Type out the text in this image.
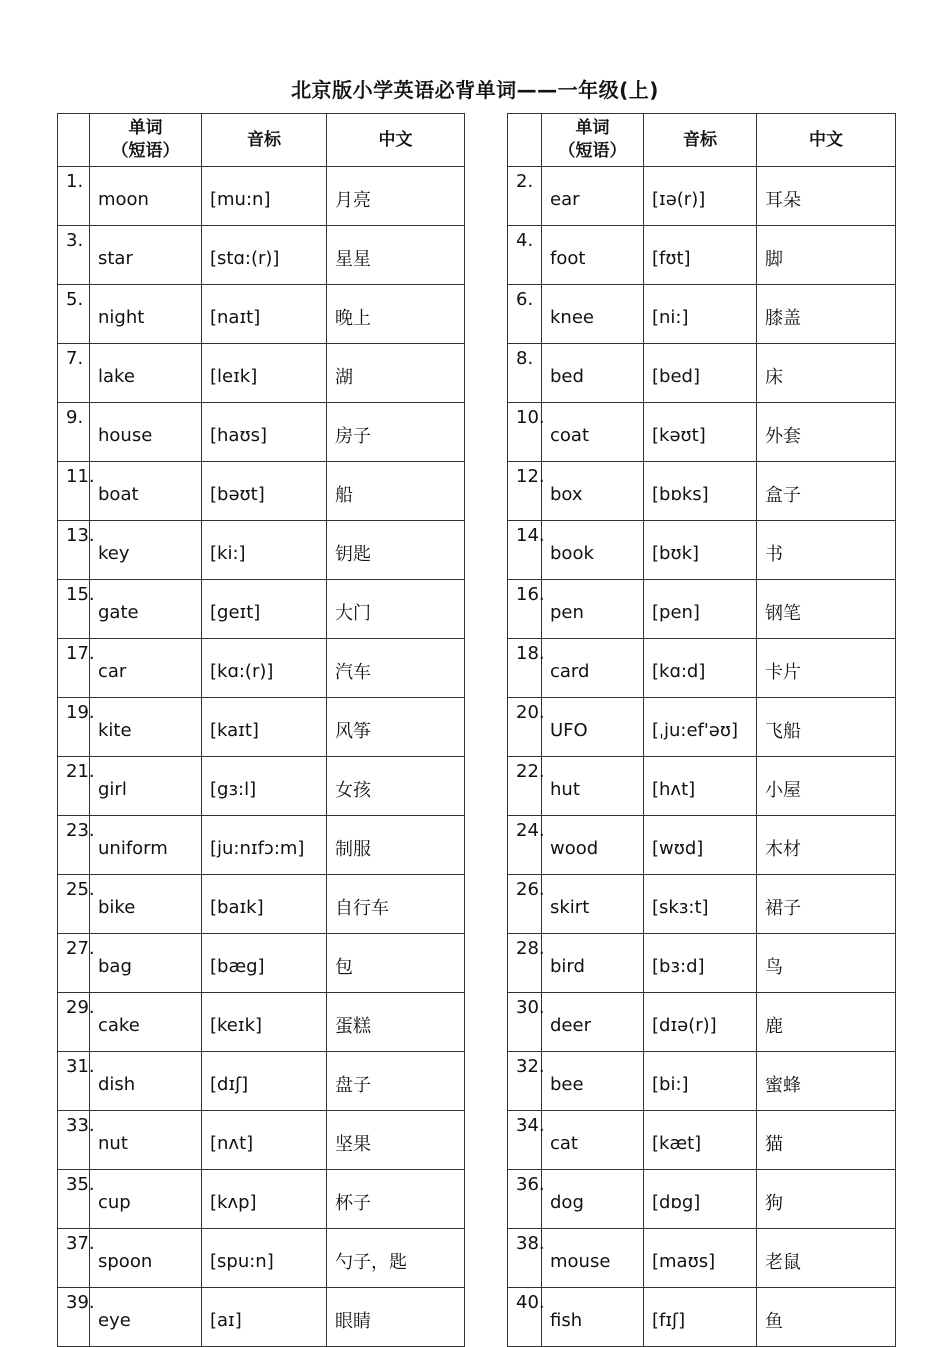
北京版小学英语必背单词——一年级(上)

	单词
（短语）	音标	中文
1.	moon	[mu:n]	月亮
3.	star	[stɑ:(r)]	星星
5.	night	[naɪt]	晚上
7.	lake	[leɪk]	湖
9.	house	[haʊs]	房子
11.	boat	[bəʊt]	船
13.	key	[ki:]	钥匙
15.	gate	[geɪt]	大门
17.	car	[kɑ:(r)]	汽车
19.	kite	[kaɪt]	风筝
21.	girl	[gɜ:l]	女孩
23.	uniform	[ju:nɪfɔ:m]	制服
25.	bike	[baɪk]	自行车
27.	bag	[bæg]	包
29.	cake	[keɪk]	蛋糕
31.	dish	[dɪʃ]	盘子
33.	nut	[nʌt]	坚果
35.	cup	[kʌp]	杯子
37.	spoon	[spu:n]	勺子，匙
39.	eye	[aɪ]	眼睛

	单词
（短语）	音标	中文
2.	ear	[ɪə(r)]	耳朵
4.	foot	[fʊt]	脚
6.	knee	[ni:]	膝盖
8.	bed	[bed]	床
10.	coat	[kəʊt]	外套
12.	box	[bɒks]	盒子
14.	book	[bʊk]	书
16.	pen	[pen]	钢笔
18.	card	[kɑ:d]	卡片
20.	UFO	[ˌju:ef'əʊ]	飞船
22.	hut	[hʌt]	小屋
24.	wood	[wʊd]	木材
26.	skirt	[skɜ:t]	裙子
28.	bird	[bɜ:d]	鸟
30.	deer	[dɪə(r)]	鹿
32.	bee	[bi:]	蜜蜂
34.	cat	[kæt]	猫
36.	dog	[dɒg]	狗
38.	mouse	[maʊs]	老鼠
40.	fish	[fɪʃ]	鱼
